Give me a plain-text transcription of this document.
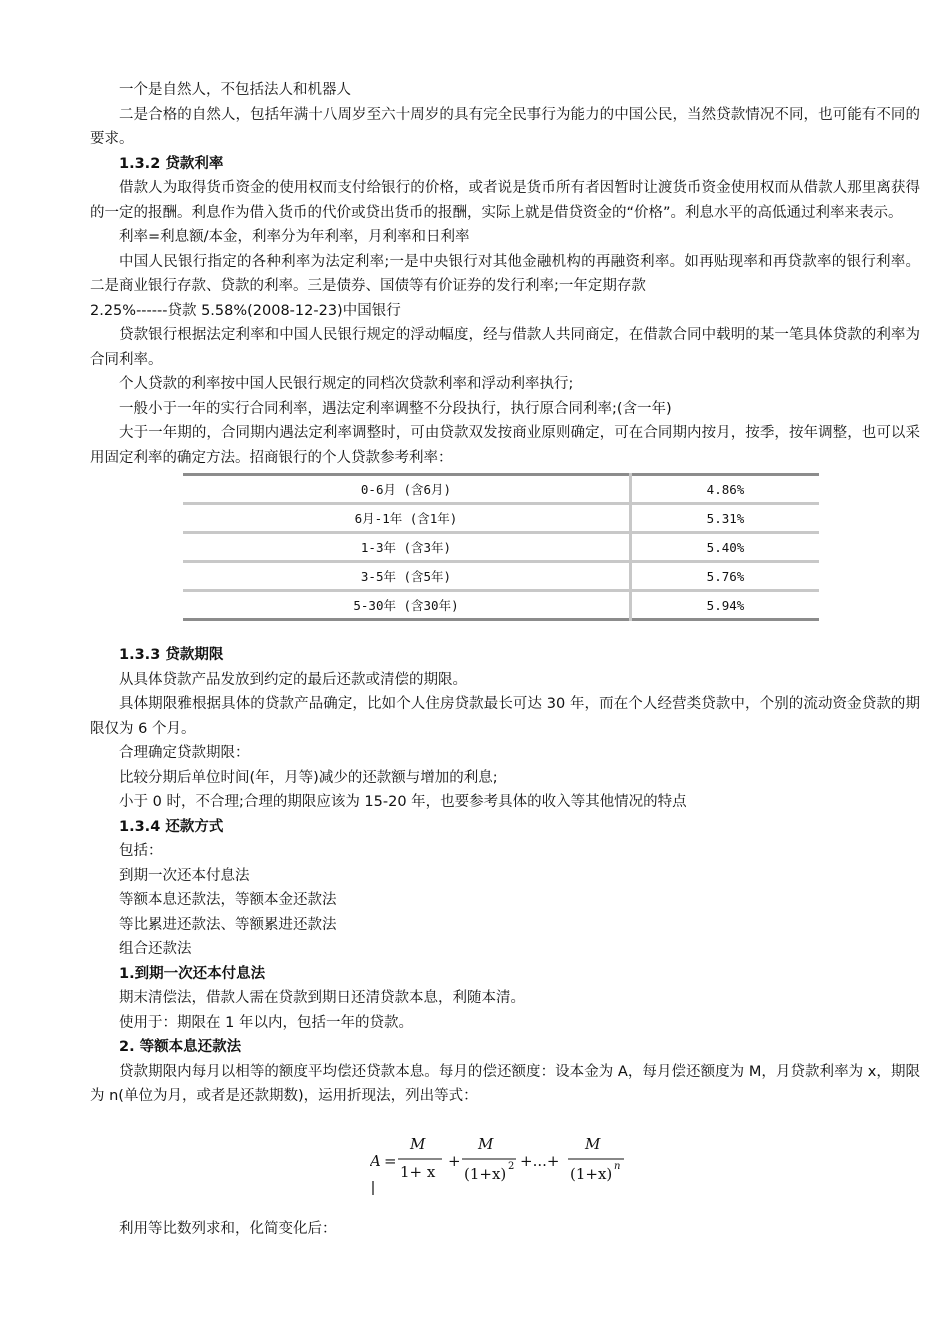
一个是自然人，不包括法人和机器人

二是合格的自然人，包括年满十八周岁至六十周岁的具有完全民事行为能力的中国公民，当然贷款情况不同，也可能有不同的要求。

1.3.2 贷款利率

借款人为取得货币资金的使用权而支付给银行的价格，或者说是货币所有者因暂时让渡货币资金使用权而从借款人那里离获得的一定的报酬。利息作为借入货币的代价或贷出货币的报酬，实际上就是借贷资金的“价格”。利息水平的高低通过利率来表示。

利率=利息额/本金，利率分为年利率，月利率和日利率

中国人民银行指定的各种利率为法定利率;一是中央银行对其他金融机构的再融资利率。如再贴现率和再贷款率的银行利率。二是商业银行存款、贷款的利率。三是债券、国债等有价证券的发行利率;一年定期存款

2.25%------贷款 5.58%(2008-12-23)中国银行

贷款银行根据法定利率和中国人民银行规定的浮动幅度，经与借款人共同商定，在借款合同中载明的某一笔具体贷款的利率为合同利率。

个人贷款的利率按中国人民银行规定的同档次贷款利率和浮动利率执行;

一般小于一年的实行合同利率，遇法定利率调整不分段执行，执行原合同利率;(含一年)

大于一年期的，合同期内遇法定利率调整时，可由贷款双发按商业原则确定，可在合同期内按月，按季，按年调整，也可以采用固定利率的确定方法。招商银行的个人贷款参考利率：

0-6月 (含6月)	4.86%
6月-1年 (含1年)	5.31%
1-3年 (含3年)	5.40%
3-5年 (含5年)	5.76%
5-30年 (含30年)	5.94%

1.3.3 贷款期限

从具体贷款产品发放到约定的最后还款或清偿的期限。

具体期限雅根据具体的贷款产品确定，比如个人住房贷款最长可达 30 年，而在个人经营类贷款中，个别的流动资金贷款的期限仅为 6 个月。

合理确定贷款期限：

比较分期后单位时间(年，月等)减少的还款额与增加的利息;

小于 0 时，不合理;合理的期限应该为 15-20 年，也要参考具体的收入等其他情况的特点

1.3.4 还款方式

包括：

到期一次还本付息法

等额本息还款法，等额本金还款法

等比累进还款法、等额累进还款法

组合还款法

1.到期一次还本付息法

期末清偿法，借款人需在贷款到期日还清贷款本息，利随本清。

使用于：期限在 1 年以内，包括一年的贷款。

2. 等额本息还款法

贷款期限内每月以相等的额度平均偿还贷款本息。每月的偿还额度：设本金为 A，每月偿还额度为 M，月贷款利率为 x，期限为 n(单位为月，或者是还款期数)，运用折现法，列出等式：

A =
M
1+ x
+
M
(1+x) 2 +...+
M
(1+x) n

利用等比数列求和，化简变化后：
